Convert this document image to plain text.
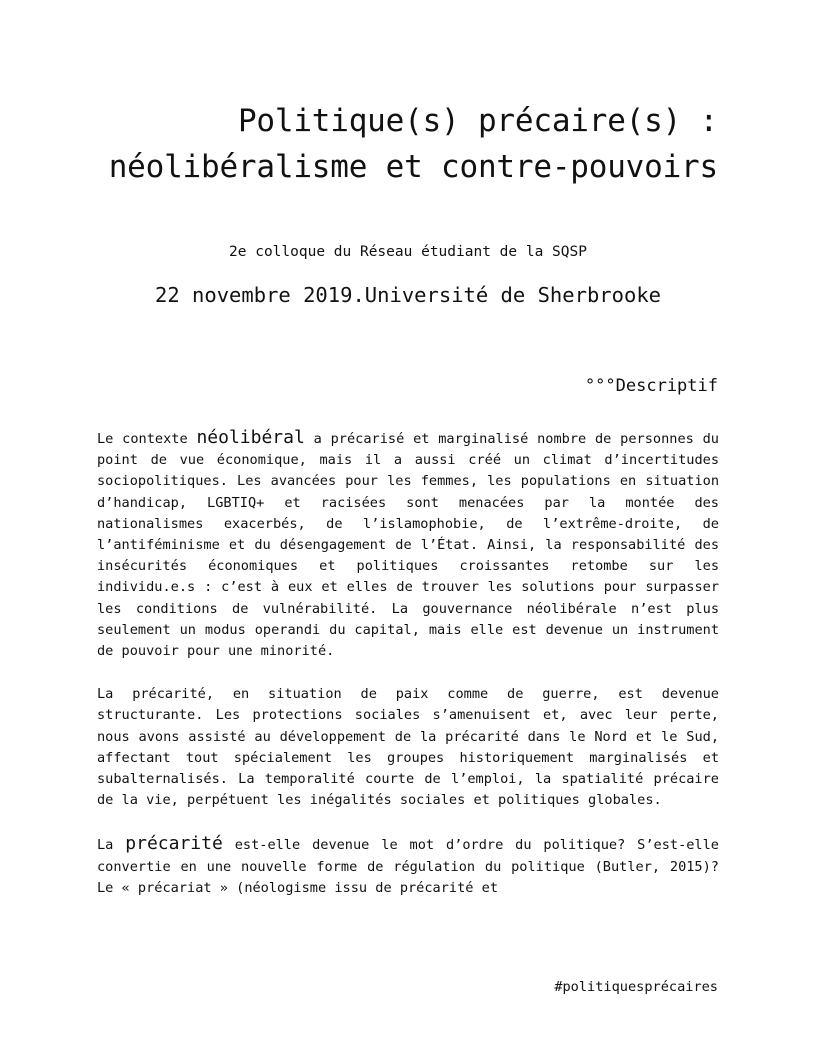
Politique(s) précaire(s) :
néolibéralisme et contre-pouvoirs
2e colloque du Réseau étudiant de la SQSP
22 novembre 2019.Université de Sherbrooke
°°°Descriptif

Le contexte néolibéral a précarisé et marginalisé nombre de personnes du point de vue économique, mais il a aussi créé un climat d’incertitudes sociopolitiques. Les avancées pour les femmes, les populations en situation d’handicap, LGBTIQ+ et racisées sont menacées par la montée des nationalismes exacerbés, de l’islamophobie, de l’extrême-droite, de l’antiféminisme et du désengagement de l’État. Ainsi, la responsabilité des insécurités économiques et politiques croissantes retombe sur les individu.e.s : c’est à eux et elles de trouver les solutions pour surpasser les conditions de vulnérabilité. La gouvernance néolibérale n’est plus seulement un modus operandi du capital, mais elle est devenue un instrument de pouvoir pour une minorité.

La précarité, en situation de paix comme de guerre, est devenue structurante. Les protections sociales s’amenuisent et, avec leur perte, nous avons assisté au développement de la précarité dans le Nord et le Sud, affectant tout spécialement les groupes historiquement marginalisés et subalternalisés. La temporalité courte de l’emploi, la spatialité précaire de la vie, perpétuent les inégalités sociales et politiques globales.

La précarité est-elle devenue le mot d’ordre du politique? S’est-elle convertie en une nouvelle forme de régulation du politique (Butler, 2015)? Le « précariat » (néologisme issu de précarité et

#politiquesprécaires
